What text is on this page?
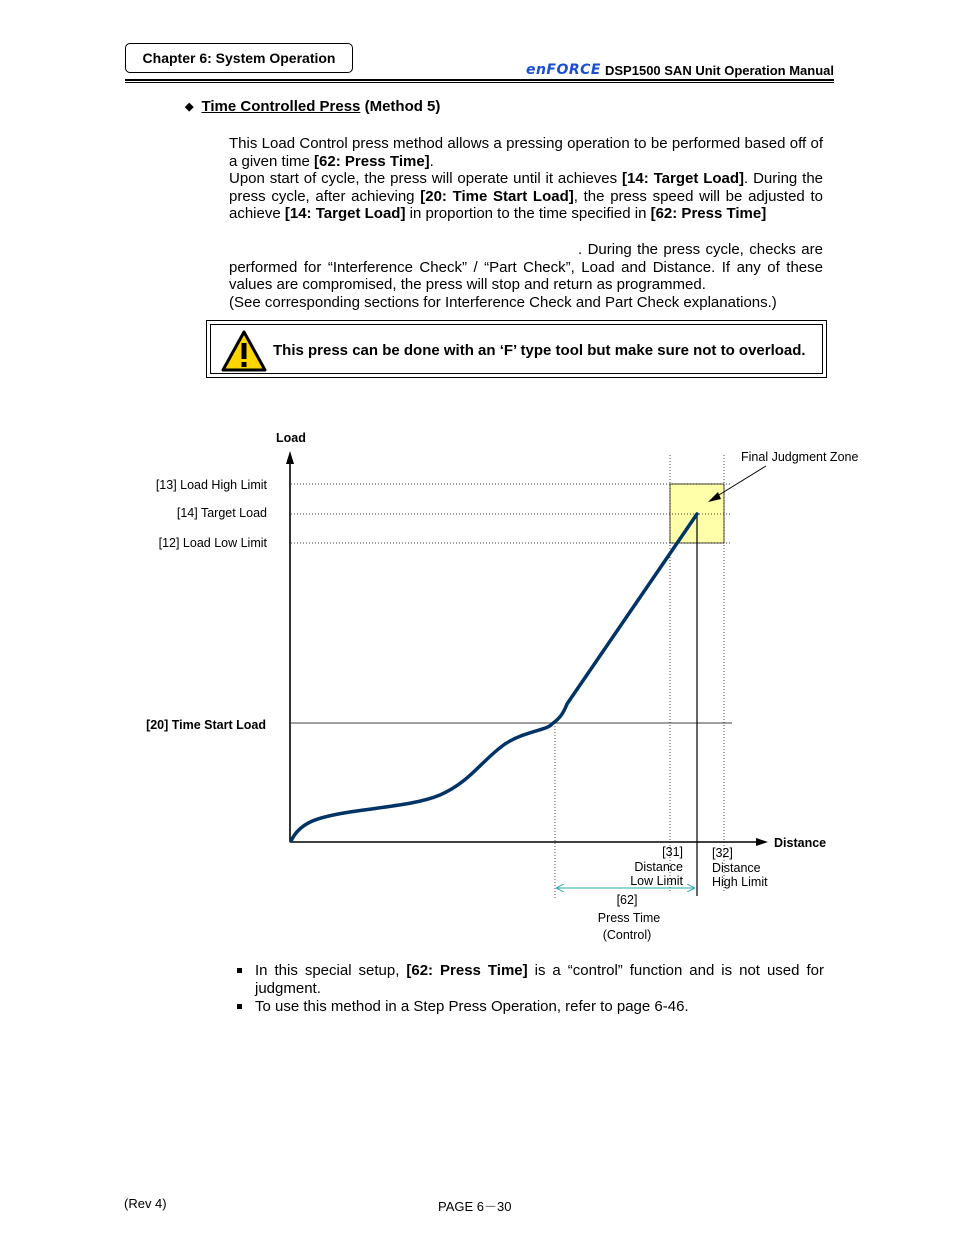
Chapter 6: System Operation
enFORCE DSP1500 SAN Unit Operation Manual
◆ Time Controlled Press (Method 5)

This Load Control press method allows a pressing operation to be performed based off of a given time [62: Press Time].

Upon start of cycle, the press will operate until it achieves [14: Target Load]. During the press cycle, after achieving [20: Time Start Load], the press speed will be adjusted to achieve [14: Target Load] in proportion to the time specified in [62: Press Time]

. During the press cycle, checks are performed for “Interference Check” / “Part Check”, Load and Distance. If any of these values are compromised, the press will stop and return as programmed.

(See corresponding sections for Interference Check and Part Check explanations.)

This press can be done with an ‘F’ type tool but make sure not to overload.
Load
Distance
[13] Load High Limit
[14] Target Load
[12] Load Low Limit
[20] Time Start Load
Final Judgment Zone
[31]
Distance
Low Limit
[32]
Distance
High Limit
[62]
Press Time
(Control)
In this special setup, [62: Press Time] is a “control” function and is not used for judgment.
To use this method in a Step Press Operation, refer to page 6-46.
(Rev 4)	PAGE 6－30
